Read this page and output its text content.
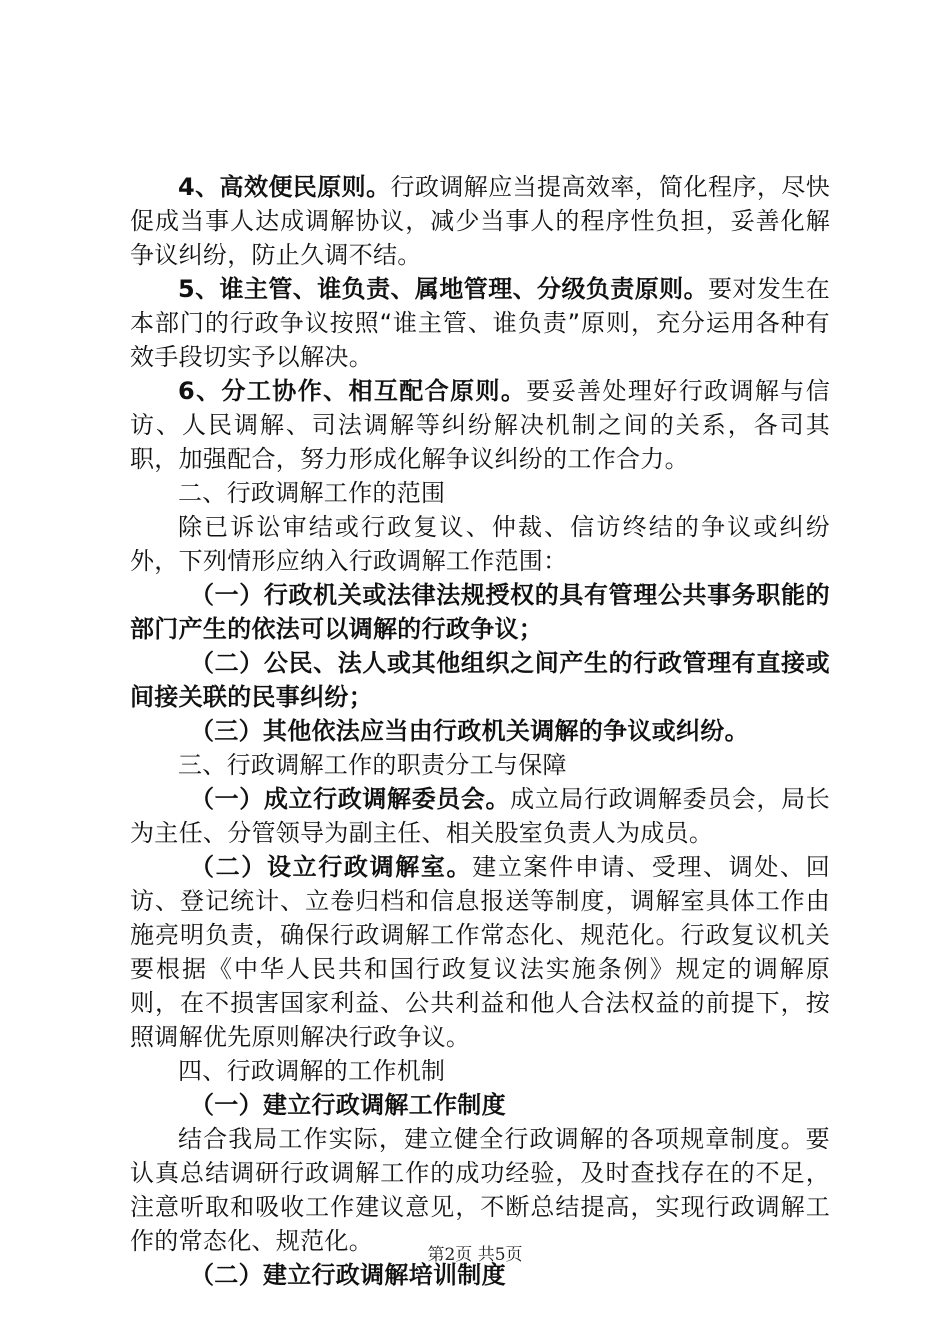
4、高效便民原则。行政调解应当提高效率，简化程序，尽快促成当事人达成调解协议，减少当事人的程序性负担，妥善化解争议纠纷，防止久调不结。

5、谁主管、谁负责、属地管理、分级负责原则。要对发生在本部门的行政争议按照“谁主管、谁负责”原则，充分运用各种有效手段切实予以解决。

6、分工协作、相互配合原则。要妥善处理好行政调解与信访、人民调解、司法调解等纠纷解决机制之间的关系，各司其职，加强配合，努力形成化解争议纠纷的工作合力。

二、行政调解工作的范围

除已诉讼审结或行政复议、仲裁、信访终结的争议或纠纷外，下列情形应纳入行政调解工作范围：

（一）行政机关或法律法规授权的具有管理公共事务职能的部门产生的依法可以调解的行政争议；

（二）公民、法人或其他组织之间产生的行政管理有直接或间接关联的民事纠纷；

（三）其他依法应当由行政机关调解的争议或纠纷。

三、行政调解工作的职责分工与保障

（一）成立行政调解委员会。成立局行政调解委员会，局长为主任、分管领导为副主任、相关股室负责人为成员。

（二）设立行政调解室。建立案件申请、受理、调处、回访、登记统计、立卷归档和信息报送等制度，调解室具体工作由施亮明负责，确保行政调解工作常态化、规范化。行政复议机关要根据《中华人民共和国行政复议法实施条例》规定的调解原则，在不损害国家利益、公共利益和他人合法权益的前提下，按照调解优先原则解决行政争议。

四、行政调解的工作机制

（一）建立行政调解工作制度

结合我局工作实际，建立健全行政调解的各项规章制度。要认真总结调研行政调解工作的成功经验，及时查找存在的不足，注意听取和吸收工作建议意见，不断总结提高，实现行政调解工作的常态化、规范化。

（二）建立行政调解培训制度

第2页 共5页
